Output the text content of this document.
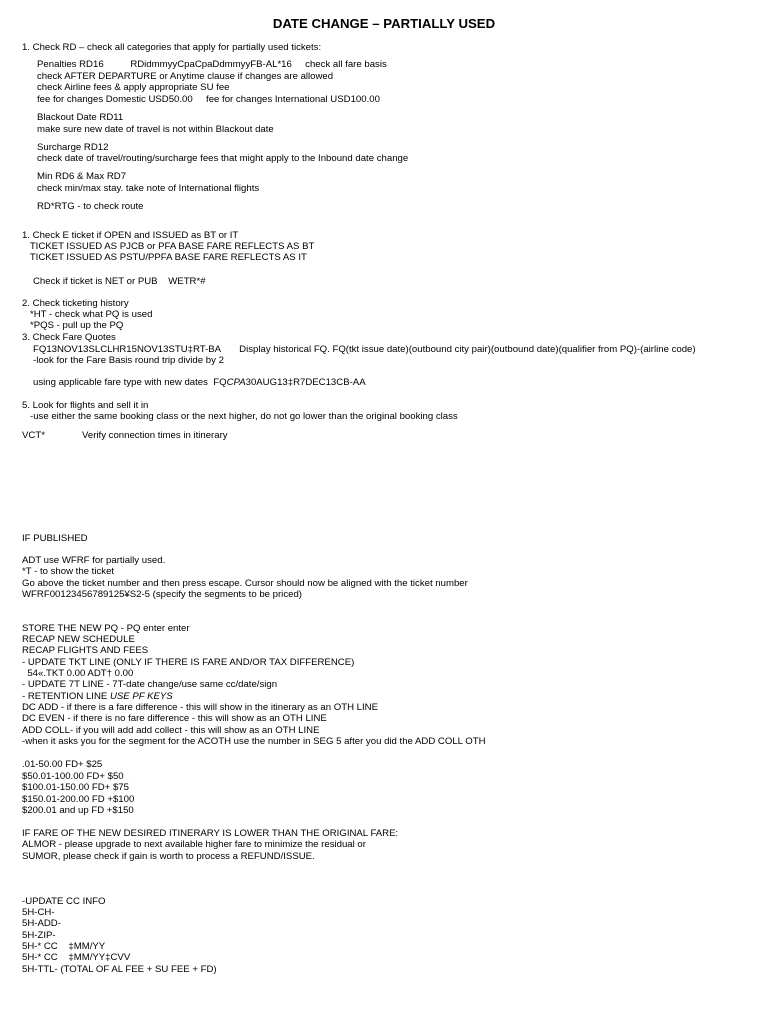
DATE CHANGE – PARTIALLY USED
1. Check RD – check all categories that apply for partially used tickets:
Penalties RD16          RDidmmyyCpaCpaDdmmyyFB-AL*16     check all fare basis
check AFTER DEPARTURE or Anytime clause if changes are allowed
check Airline fees & apply appropriate SU fee
fee for changes Domestic USD50.00     fee for changes International USD100.00
Blackout Date RD11
make sure new date of travel is not within Blackout date
Surcharge RD12
check date of travel/routing/surcharge fees that might apply to the Inbound date change
Min RD6 & Max RD7
check min/max stay. take note of International flights
RD*RTG - to check route
1. Check E ticket if OPEN and ISSUED as BT or IT
TICKET ISSUED AS PJCB or PFA BASE FARE REFLECTS AS BT
TICKET ISSUED AS PSTU/PPFA BASE FARE REFLECTS AS IT
Check if ticket is NET or PUB    WETR*#
2. Check ticketing history
*HT - check what PQ is used
*PQS - pull up the PQ
3. Check Fare Quotes
FQ13NOV13SLCLHR15NOV13STU‡RT-BA       Display historical FQ. FQ(tkt issue date)(outbound city pair)(outbound date)(qualifier from PQ)-(airline code)
-look for the Fare Basis round trip divide by 2
using applicable fare type with new dates  FQCPA30AUG13‡R7DEC13CB-AA
5. Look for flights and sell it in
-use either the same booking class or the next higher, do not go lower than the original booking class
VCT*	Verify connection times in itinerary
IF PUBLISHED
ADT use WFRF for partially used.
*T - to show the ticket
Go above the ticket number and then press escape. Cursor should now be aligned with the ticket number
WFRF00123456789125¥S2-5 (specify the segments to be priced)
STORE THE NEW PQ - PQ enter enter
RECAP NEW SCHEDULE
RECAP FLIGHTS AND FEES
- UPDATE TKT LINE (ONLY IF THERE IS FARE AND/OR TAX DIFFERENCE)
54«.TKT 0.00 ADT† 0.00
- UPDATE 7T LINE - 7T-date change/use same cc/date/sign
- RETENTION LINE USE PF KEYS
DC ADD - if there is a fare difference - this will show in the itinerary as an OTH LINE
DC EVEN - if there is no fare difference - this will show as an OTH LINE
ADD COLL- if you will add add collect - this will show as an OTH LINE
-when it asks you for the segment for the ACOTH use the number in SEG 5 after you did the ADD COLL OTH
.01-50.00 FD+ $25
$50.01-100.00 FD+ $50
$100.01-150.00 FD+ $75
$150.01-200.00 FD +$100
$200.01 and up FD +$150
IF FARE OF THE NEW DESIRED ITINERARY IS LOWER THAN THE ORIGINAL FARE:
ALMOR - please upgrade to next available higher fare to minimize the residual or
SUMOR, please check if gain is worth to process a REFUND/ISSUE.
-UPDATE CC INFO
5H-CH-
5H-ADD-
5H-ZIP-
5H-* CC    ‡MM/YY
5H-* CC    ‡MM/YY‡CVV
5H-TTL- (TOTAL OF AL FEE + SU FEE + FD)
